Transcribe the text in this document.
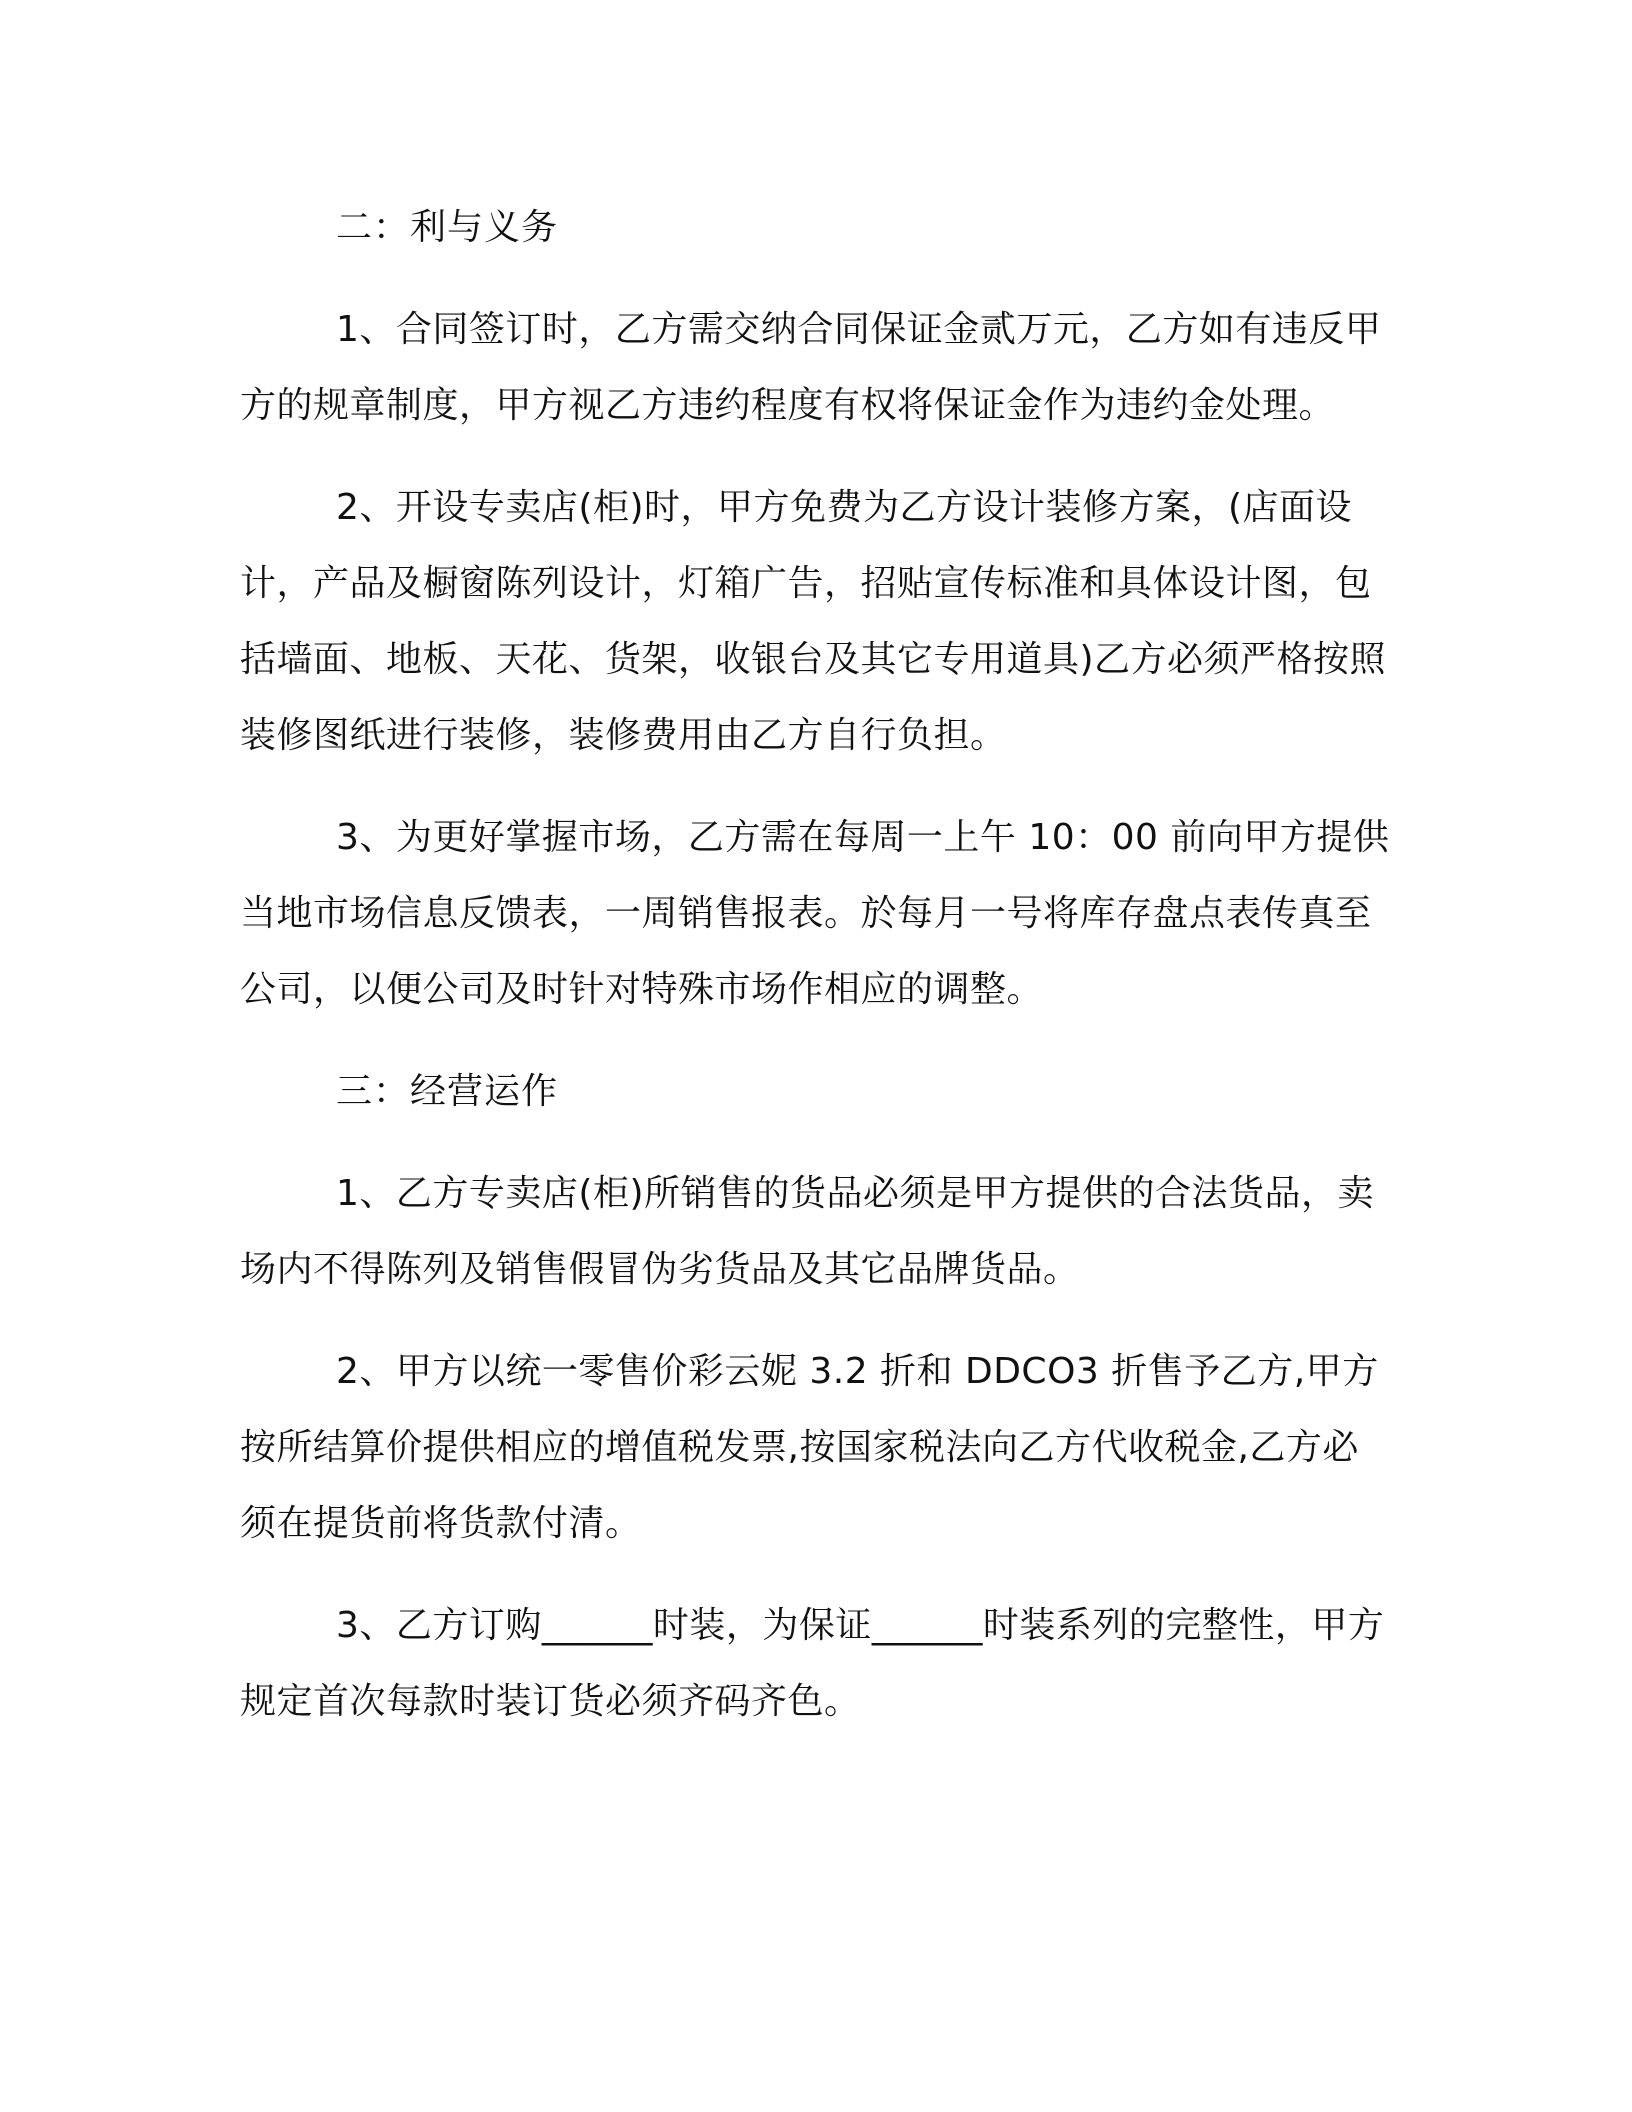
二：利与义务
1、合同签订时，乙方需交纳合同保证金贰万元，乙方如有违反甲方的规章制度，甲方视乙方违约程度有权将保证金作为违约金处理。
2、开设专卖店(柜)时，甲方免费为乙方设计装修方案，(店面设计，产品及橱窗陈列设计，灯箱广告，招贴宣传标准和具体设计图，包括墙面、地板、天花、货架，收银台及其它专用道具)乙方必须严格按照装修图纸进行装修，装修费用由乙方自行负担。
3、为更好掌握市场，乙方需在每周一上午 10：00 前向甲方提供当地市场信息反馈表，一周销售报表。於每月一号将库存盘点表传真至公司，以便公司及时针对特殊市场作相应的调整。
三：经营运作
1、乙方专卖店(柜)所销售的货品必须是甲方提供的合法货品，卖场内不得陈列及销售假冒伪劣货品及其它品牌货品。
2、甲方以统一零售价彩云妮 3.2 折和 DDCO3 折售予乙方,甲方按所结算价提供相应的增值税发票,按国家税法向乙方代收税金,乙方必须在提货前将货款付清。
3、乙方订购______时装，为保证______时装系列的完整性，甲方规定首次每款时装订货必须齐码齐色。
